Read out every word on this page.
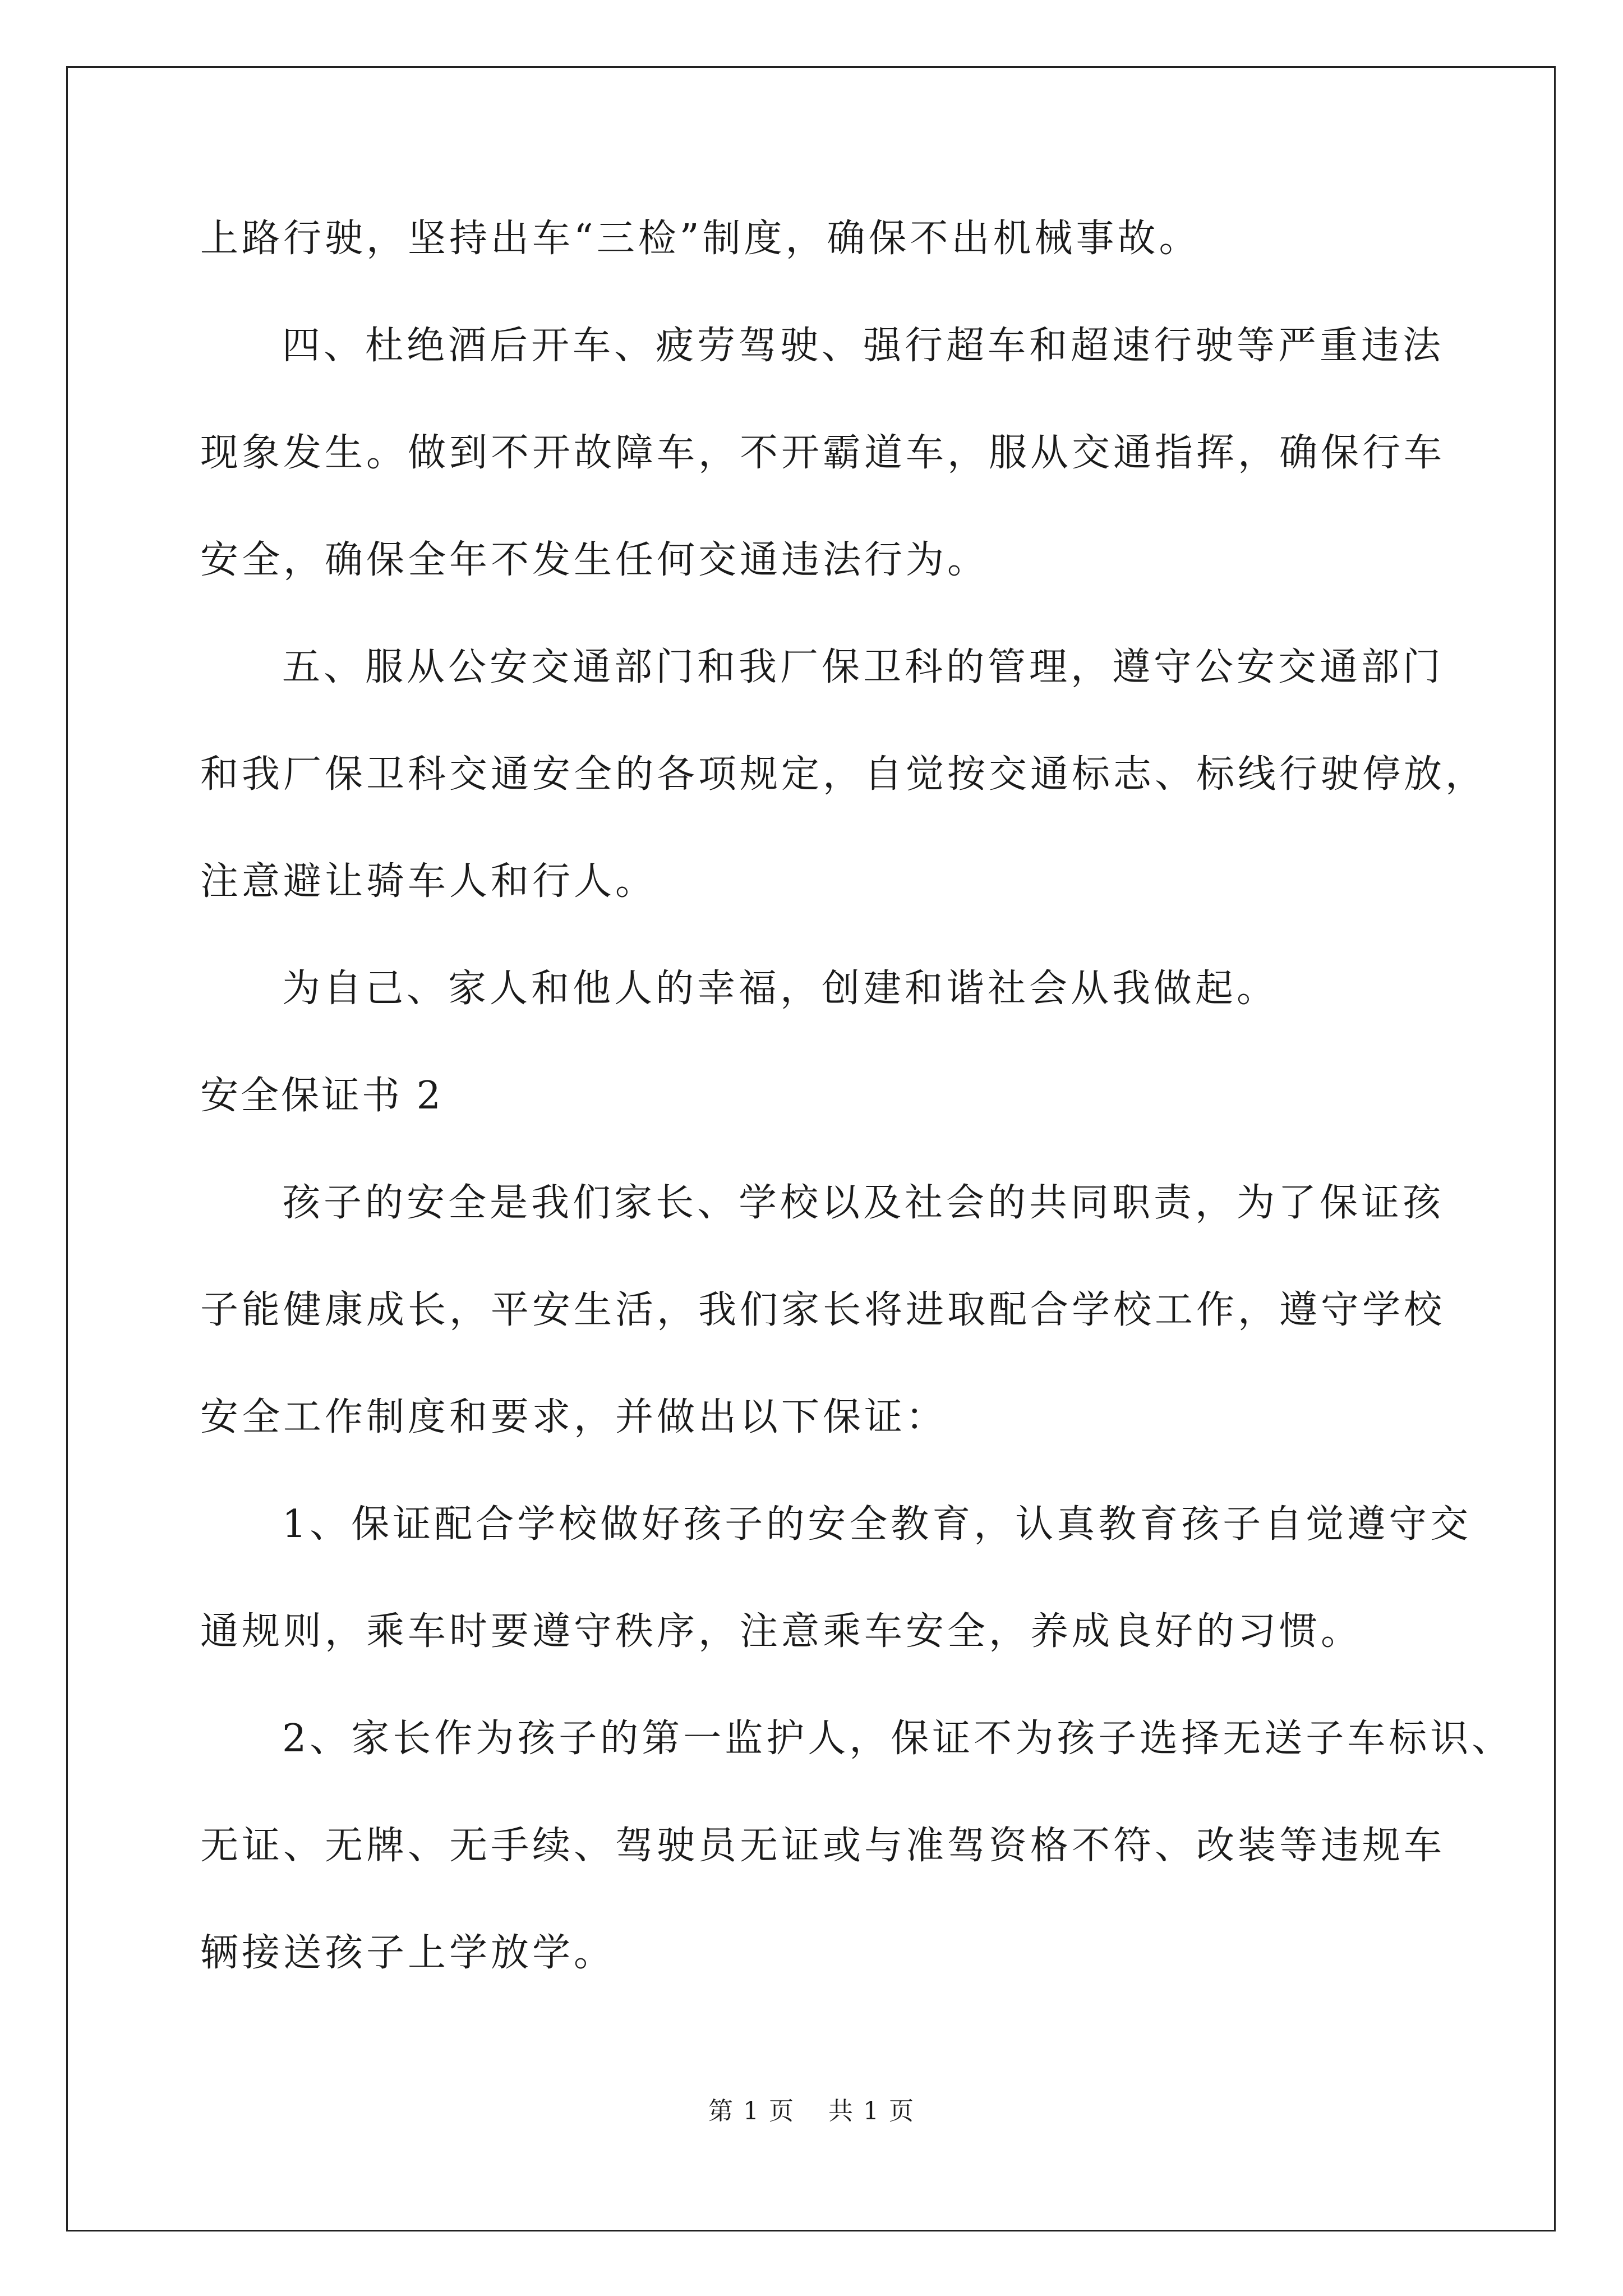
上路行驶，坚持出车“三检”制度，确保不出机械事故。
四、杜绝酒后开车、疲劳驾驶、强行超车和超速行驶等严重违法
现象发生。做到不开故障车，不开霸道车，服从交通指挥，确保行车
安全，确保全年不发生任何交通违法行为。
五、服从公安交通部门和我厂保卫科的管理，遵守公安交通部门
和我厂保卫科交通安全的各项规定，自觉按交通标志、标线行驶停放，
注意避让骑车人和行人。
为自己、家人和他人的幸福，创建和谐社会从我做起。
安全保证书 2
孩子的安全是我们家长、学校以及社会的共同职责，为了保证孩
子能健康成长，平安生活，我们家长将进取配合学校工作，遵守学校
安全工作制度和要求，并做出以下保证：
1、保证配合学校做好孩子的安全教育，认真教育孩子自觉遵守交
通规则，乘车时要遵守秩序，注意乘车安全，养成良好的习惯。
2、家长作为孩子的第一监护人，保证不为孩子选择无送子车标识、
无证、无牌、无手续、驾驶员无证或与准驾资格不符、改装等违规车
辆接送孩子上学放学。
第 1 页 共 1 页
